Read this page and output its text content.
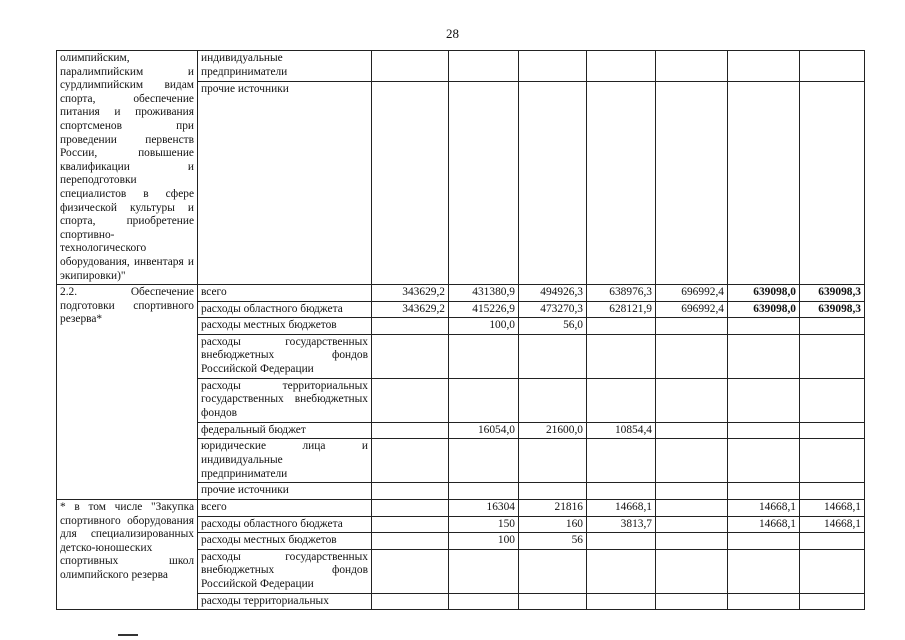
28
олимпийским, паралимпийским и сурдлимпийским видам спорта, обеспечение питания и проживания спортсменов при проведении первенств России, повышение квалификации и переподготовки специалистов в сфере физической культуры и спорта, приобретение спортивно-технологического оборудования, инвентаря и экипировки)"	индивидуальные предприниматели							
	прочие источники							
2.2. Обеспечение подготовки спортивного резерва*	всего	343629,2	431380,9	494926,3	638976,3	696992,4	639098,0	639098,3
	расходы областного бюджета	343629,2	415226,9	473270,3	628121,9	696992,4	639098,0	639098,3
	расходы местных бюджетов		100,0	56,0				
	расходы государственных внебюджетных фондов Российской Федерации							
	расходы территориальных государственных внебюджетных фондов							
	федеральный бюджет		16054,0	21600,0	10854,4			
	юридические лица и индивидуальные предприниматели							
	прочие источники							
* в том числе "Закупка спортивного оборудования для специализированных детско-юношеских спортивных школ олимпийского резерва	всего		16304	21816	14668,1		14668,1	14668,1
	расходы областного бюджета		150	160	3813,7		14668,1	14668,1
	расходы местных бюджетов		100	56				
	расходы государственных внебюджетных фондов Российской Федерации							
	расходы территориальных							
